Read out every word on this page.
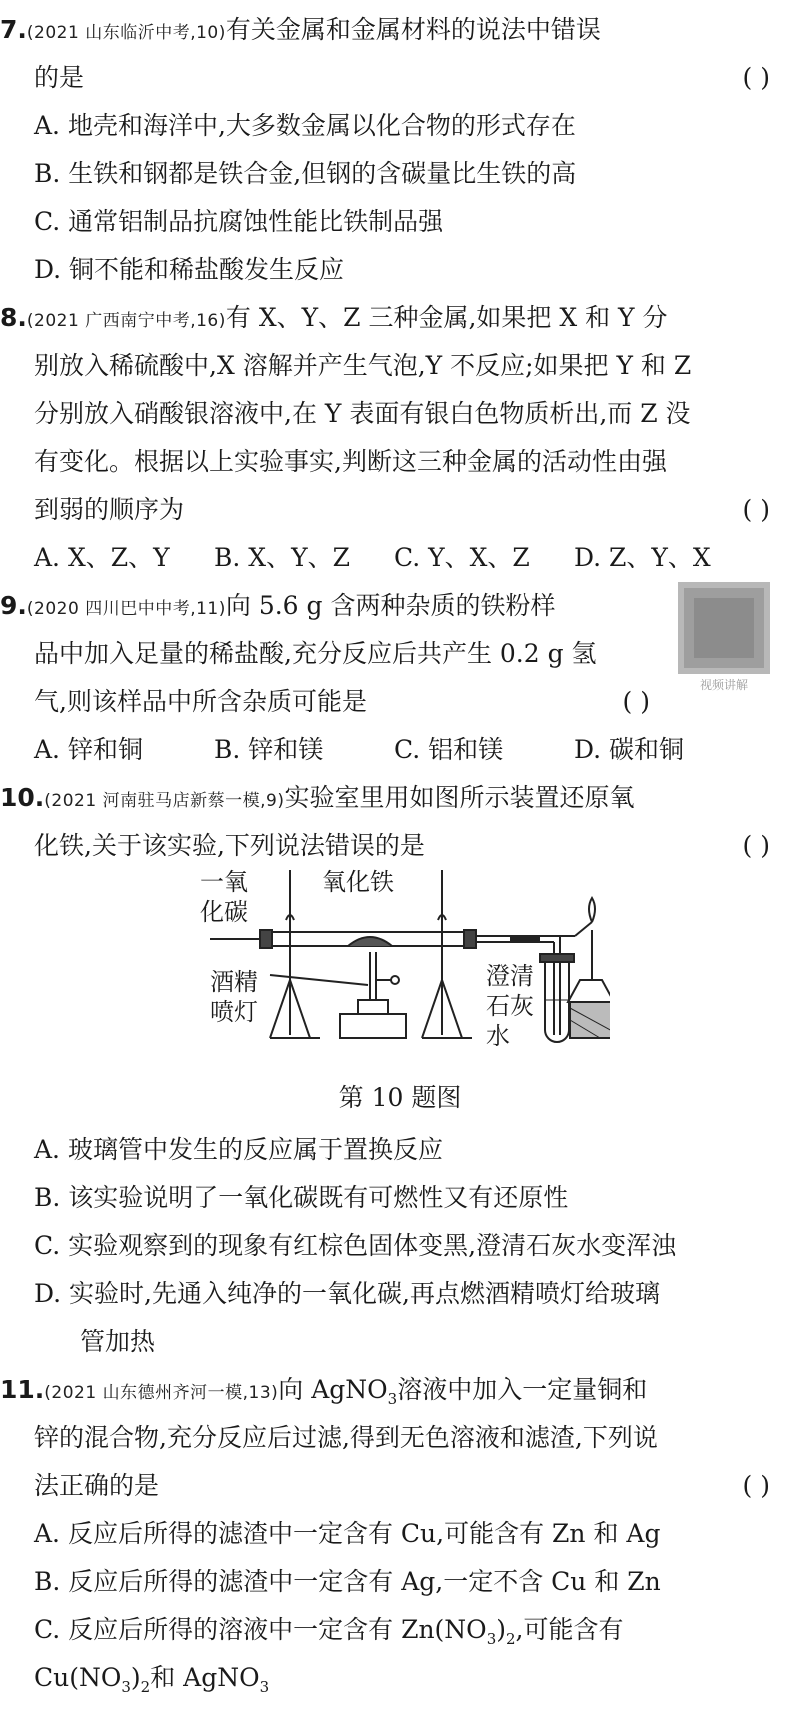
7.(2021 山东临沂中考,10)有关金属和金属材料的说法中错误
的是	( )
A. 地壳和海洋中,大多数金属以化合物的形式存在
B. 生铁和钢都是铁合金,但钢的含碳量比生铁的高
C. 通常铝制品抗腐蚀性能比铁制品强
D. 铜不能和稀盐酸发生反应
8.(2021 广西南宁中考,16)有 X、Y、Z 三种金属,如果把 X 和 Y 分
别放入稀硫酸中,X 溶解并产生气泡,Y 不反应;如果把 Y 和 Z
分别放入硝酸银溶液中,在 Y 表面有银白色物质析出,而 Z 没
有变化。根据以上实验事实,判断这三种金属的活动性由强
到弱的顺序为	( )
A. X、Z、Y B. X、Y、Z C. Y、X、Z D. Z、Y、X
9.(2020 四川巴中中考,11)向 5.6 g 含两种杂质的铁粉样
品中加入足量的稀盐酸,充分反应后共产生 0.2 g 氢
气,则该样品中所含杂质可能是	( )
A. 锌和铜	B. 锌和镁	C. 铝和镁	D. 碳和铜
视频讲解
10.(2021 河南驻马店新蔡一模,9)实验室里用如图所示装置还原氧
化铁,关于该实验,下列说法错误的是	( )
一氧
化碳
氧化铁
酒精
喷灯
澄清
石灰
水
第 10 题图
A. 玻璃管中发生的反应属于置换反应
B. 该实验说明了一氧化碳既有可燃性又有还原性
C. 实验观察到的现象有红棕色固体变黑,澄清石灰水变浑浊
D. 实验时,先通入纯净的一氧化碳,再点燃酒精喷灯给玻璃
管加热
11.(2021 山东德州齐河一模,13)向 AgNO$_3$溶液中加入一定量铜和
锌的混合物,充分反应后过滤,得到无色溶液和滤渣,下列说
法正确的是	( )
A. 反应后所得的滤渣中一定含有 Cu,可能含有 Zn 和 Ag
B. 反应后所得的滤渣中一定含有 Ag,一定不含 Cu 和 Zn
C. 反应后所得的溶液中一定含有 $Zn(NO_3)_2$,可能含有
$Cu(NO_3)_2$和 AgNO$_3$
